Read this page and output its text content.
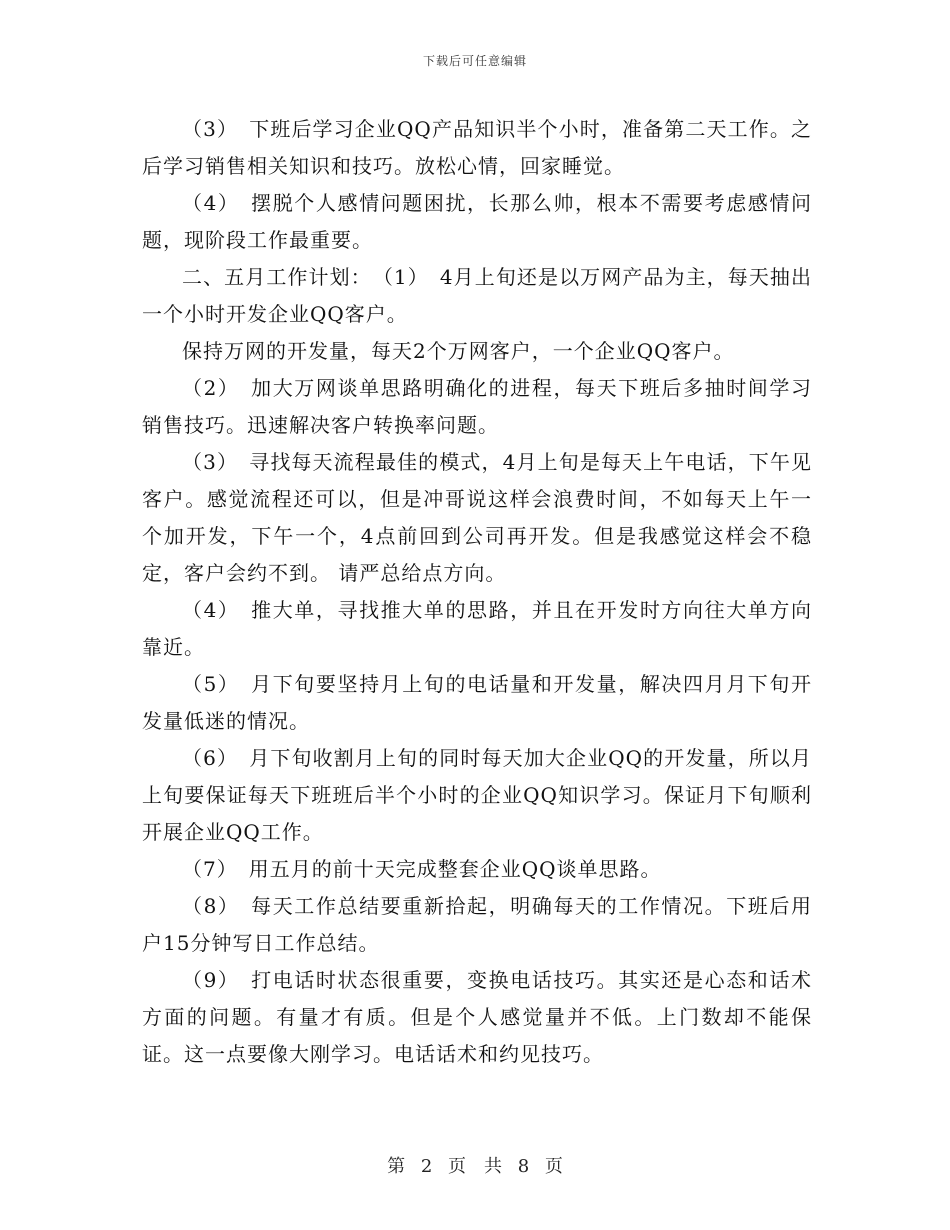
下载后可任意编辑

（3）　下班后学习企业QQ产品知识半个小时，准备第二天工作。之后学习销售相关知识和技巧。放松心情，回家睡觉。

（4）　摆脱个人感情问题困扰，长那么帅，根本不需要考虑感情问题，现阶段工作最重要。

二、五月工作计划：　（1）　4月上旬还是以万网产品为主，每天抽出一个小时开发企业QQ客户。

保持万网的开发量，每天2个万网客户，一个企业QQ客户。

（2）　加大万网谈单思路明确化的进程，每天下班后多抽时间学习销售技巧。迅速解决客户转换率问题。

（3）　寻找每天流程最佳的模式，4月上旬是每天上午电话，下午见客户。感觉流程还可以，但是冲哥说这样会浪费时间，不如每天上午一个加开发，下午一个，4点前回到公司再开发。但是我感觉这样会不稳定，客户会约不到。 请严总给点方向。

（4）　推大单，寻找推大单的思路，并且在开发时方向往大单方向靠近。

（5）　月下旬要坚持月上旬的电话量和开发量，解决四月月下旬开发量低迷的情况。

（6）　月下旬收割月上旬的同时每天加大企业QQ的开发量，所以月上旬要保证每天下班班后半个小时的企业QQ知识学习。保证月下旬顺利开展企业QQ工作。

（7）　用五月的前十天完成整套企业QQ谈单思路。

（8）　每天工作总结要重新拾起，明确每天的工作情况。下班后用户15分钟写日工作总结。

（9）　打电话时状态很重要，变换电话技巧。其实还是心态和话术方面的问题。有量才有质。但是个人感觉量并不低。上门数却不能保证。这一点要像大刚学习。电话话术和约见技巧。

第 2 页　共 8 页
